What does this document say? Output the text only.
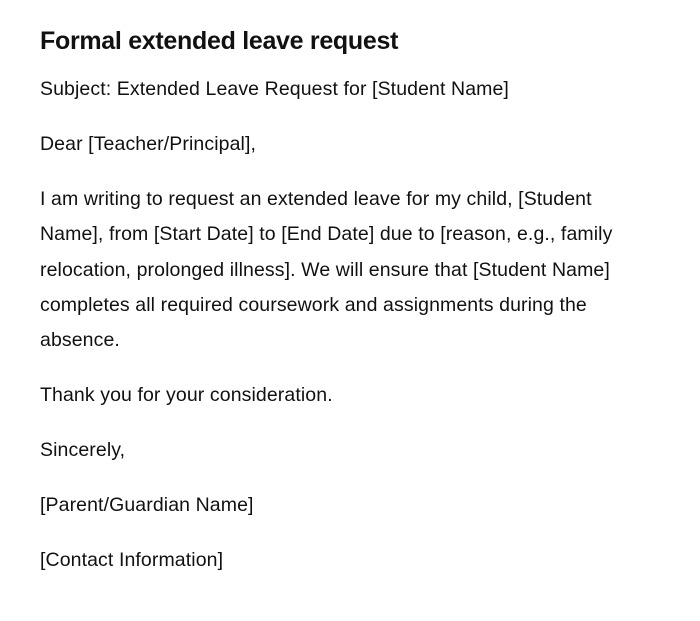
Formal extended leave request

Subject: Extended Leave Request for [Student Name]

Dear [Teacher/Principal],

I am writing to request an extended leave for my child, [Student Name], from [Start Date] to [End Date] due to [reason, e.g., family relocation, prolonged illness]. We will ensure that [Student Name] completes all required coursework and assignments during the absence.

Thank you for your consideration.

Sincerely,

[Parent/Guardian Name]

[Contact Information]
